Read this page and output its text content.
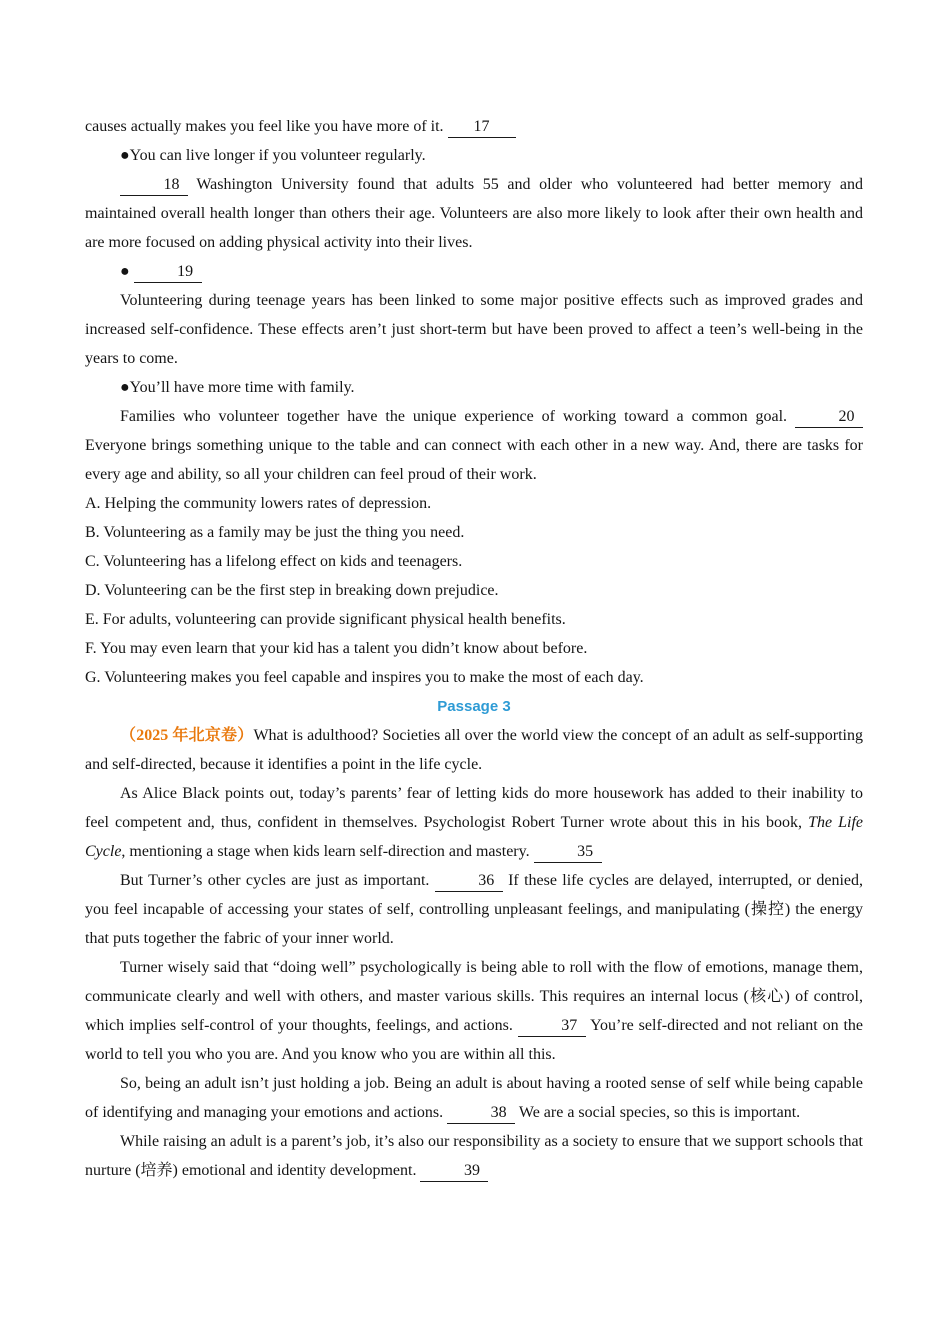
causes actually makes you feel like you have more of it. 17

●You can live longer if you volunteer regularly.

18 Washington University found that adults 55 and older who volunteered had better memory and maintained overall health longer than others their age. Volunteers are also more likely to look after their own health and are more focused on adding physical activity into their lives.

●	19

Volunteering during teenage years has been linked to some major positive effects such as improved grades and increased self-confidence. These effects aren’t just short-term but have been proved to affect a teen’s well-being in the years to come.

●You’ll have more time with family.

Families who volunteer together have the unique experience of working toward a common goal.	20 Everyone brings something unique to the table and can connect with each other in a new way. And, there are tasks for every age and ability, so all your children can feel proud of their work.

A. Helping the community lowers rates of depression.

B. Volunteering as a family may be just the thing you need.

C. Volunteering has a lifelong effect on kids and teenagers.

D. Volunteering can be the first step in breaking down prejudice.

E. For adults, volunteering can provide significant physical health benefits.

F. You may even learn that your kid has a talent you didn’t know about before.

G. Volunteering makes you feel capable and inspires you to make the most of each day.

Passage 3

（2025 年北京卷）What is adulthood? Societies all over the world view the concept of an adult as self-supporting and self-directed, because it identifies a point in the life cycle.

As Alice Black points out, today’s parents’ fear of letting kids do more housework has added to their inability to feel competent and, thus, confident in themselves. Psychologist Robert Turner wrote about this in his book, The Life Cycle, mentioning a stage when kids learn self-direction and mastery.	35

But Turner’s other cycles are just as important.	36 If these life cycles are delayed, interrupted, or denied, you feel incapable of accessing your states of self, controlling unpleasant feelings, and manipulating (操控) the energy that puts together the fabric of your inner world.

Turner wisely said that “doing well” psychologically is being able to roll with the flow of emotions, manage them, communicate clearly and well with others, and master various skills. This requires an internal locus (核心) of control, which implies self-control of your thoughts, feelings, and actions.	37 You’re self-directed and not reliant on the world to tell you who you are. And you know who you are within all this.

So, being an adult isn’t just holding a job. Being an adult is about having a rooted sense of self while being capable of identifying and managing your emotions and actions.	38 We are a social species, so this is important.

While raising an adult is a parent’s job, it’s also our responsibility as a society to ensure that we support schools that nurture (培养) emotional and identity development.	39
